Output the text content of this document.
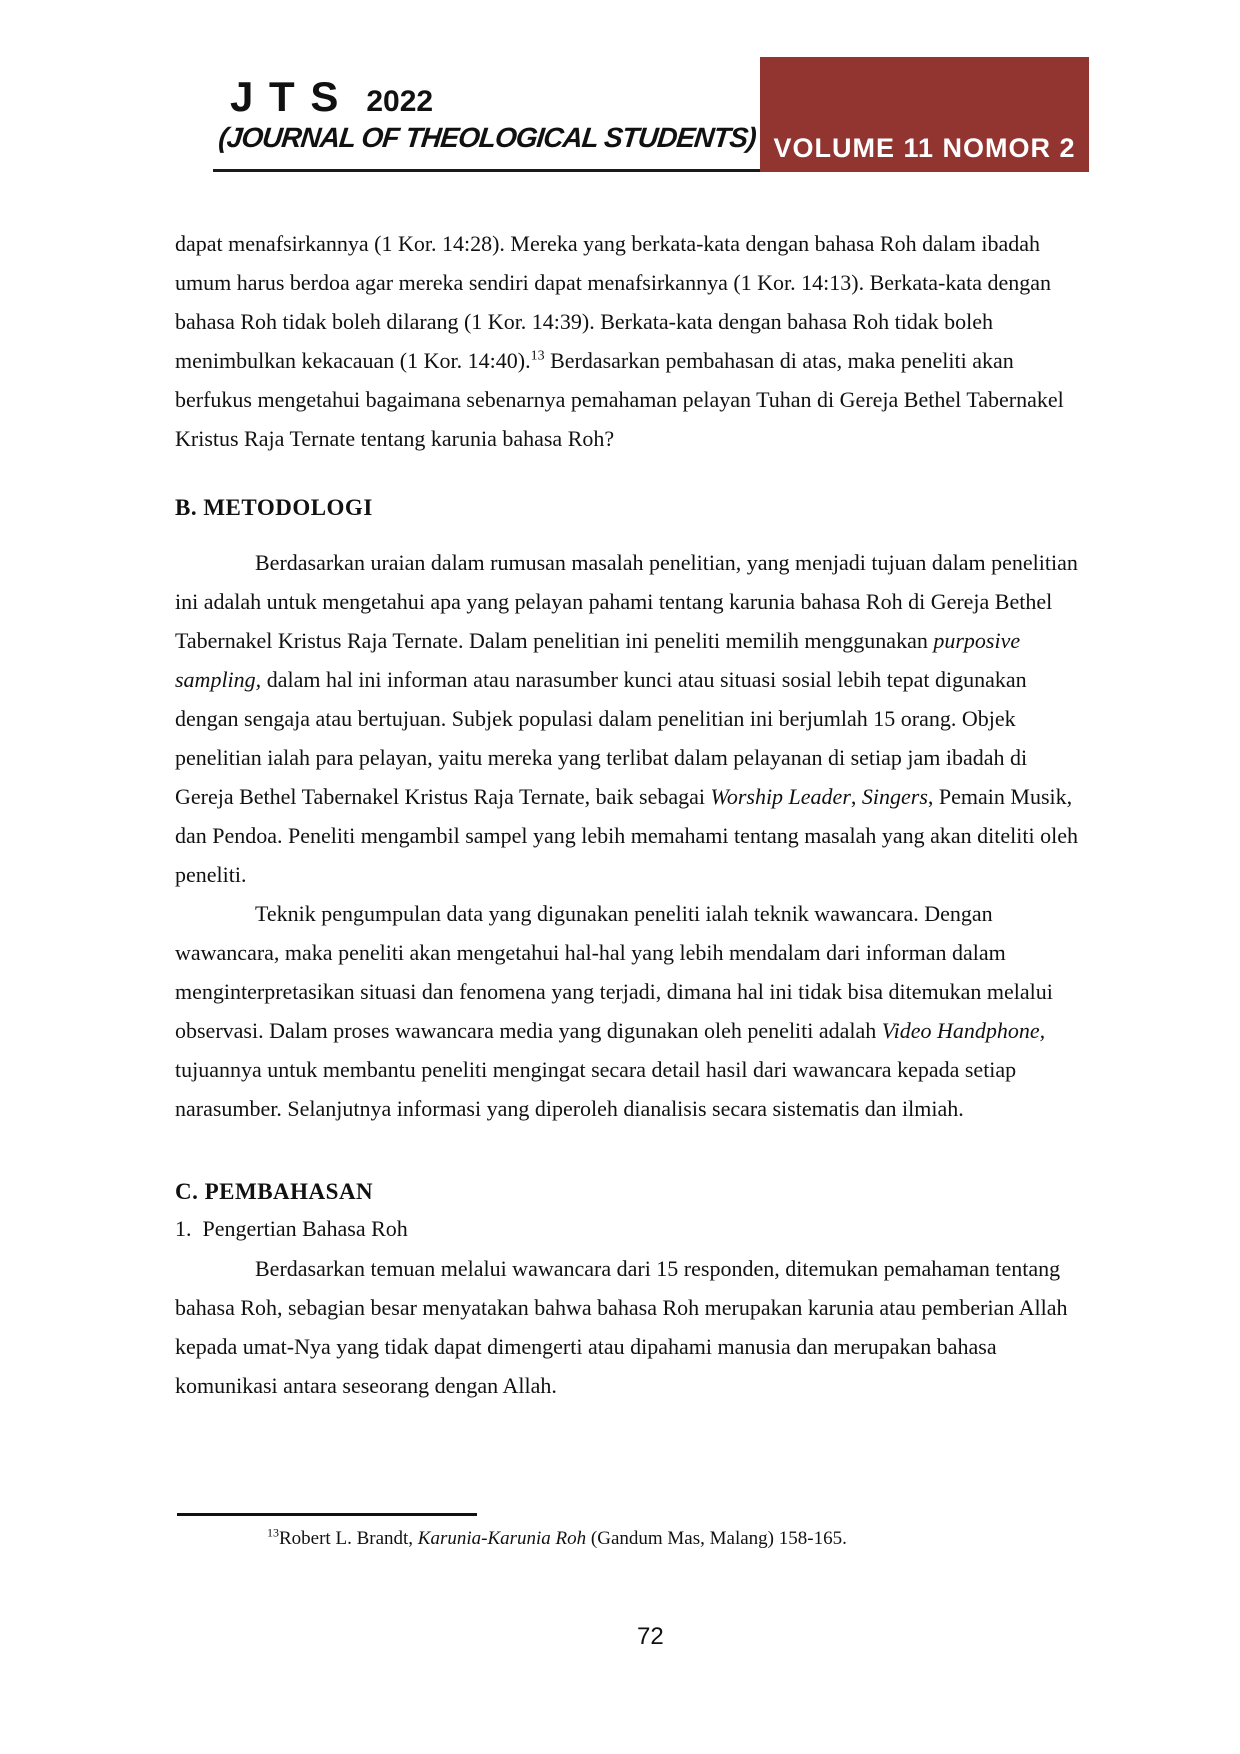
J T S 2022
(JOURNAL OF THEOLOGICAL STUDENTS) VOLUME 11 NOMOR 2

dapat menafsirkannya (1 Kor. 14:28). Mereka yang berkata-kata dengan bahasa Roh dalam ibadah umum harus berdoa agar mereka sendiri dapat menafsirkannya (1 Kor. 14:13). Berkata-kata dengan bahasa Roh tidak boleh dilarang (1 Kor. 14:39). Berkata-kata dengan bahasa Roh tidak boleh menimbulkan kekacauan (1 Kor. 14:40).$^{13}$ Berdasarkan pembahasan di atas, maka peneliti akan berfukus mengetahui bagaimana sebenarnya pemahaman pelayan Tuhan di Gereja Bethel Tabernakel Kristus Raja Ternate tentang karunia bahasa Roh?

B. METODOLOGI

Berdasarkan uraian dalam rumusan masalah penelitian, yang menjadi tujuan dalam penelitian ini adalah untuk mengetahui apa yang pelayan pahami tentang karunia bahasa Roh di Gereja Bethel Tabernakel Kristus Raja Ternate. Dalam penelitian ini peneliti memilih menggunakan purposive sampling, dalam hal ini informan atau narasumber kunci atau situasi sosial lebih tepat digunakan dengan sengaja atau bertujuan. Subjek populasi dalam penelitian ini berjumlah 15 orang. Objek penelitian ialah para pelayan, yaitu mereka yang terlibat dalam pelayanan di setiap jam ibadah di Gereja Bethel Tabernakel Kristus Raja Ternate, baik sebagai Worship Leader, Singers, Pemain Musik, dan Pendoa. Peneliti mengambil sampel yang lebih memahami tentang masalah yang akan diteliti oleh peneliti.

Teknik pengumpulan data yang digunakan peneliti ialah teknik wawancara. Dengan wawancara, maka peneliti akan mengetahui hal-hal yang lebih mendalam dari informan dalam menginterpretasikan situasi dan fenomena yang terjadi, dimana hal ini tidak bisa ditemukan melalui observasi. Dalam proses wawancara media yang digunakan oleh peneliti adalah Video Handphone, tujuannya untuk membantu peneliti mengingat secara detail hasil dari wawancara kepada setiap narasumber. Selanjutnya informasi yang diperoleh dianalisis secara sistematis dan ilmiah.

C. PEMBAHASAN
1.  Pengertian Bahasa Roh

Berdasarkan temuan melalui wawancara dari 15 responden, ditemukan pemahaman tentang bahasa Roh, sebagian besar menyatakan bahwa bahasa Roh merupakan karunia atau pemberian Allah kepada umat-Nya yang tidak dapat dimengerti atau dipahami manusia dan merupakan bahasa komunikasi antara seseorang dengan Allah.

$^{13}$Robert L. Brandt, Karunia-Karunia Roh (Gandum Mas, Malang) 158-165.
72
